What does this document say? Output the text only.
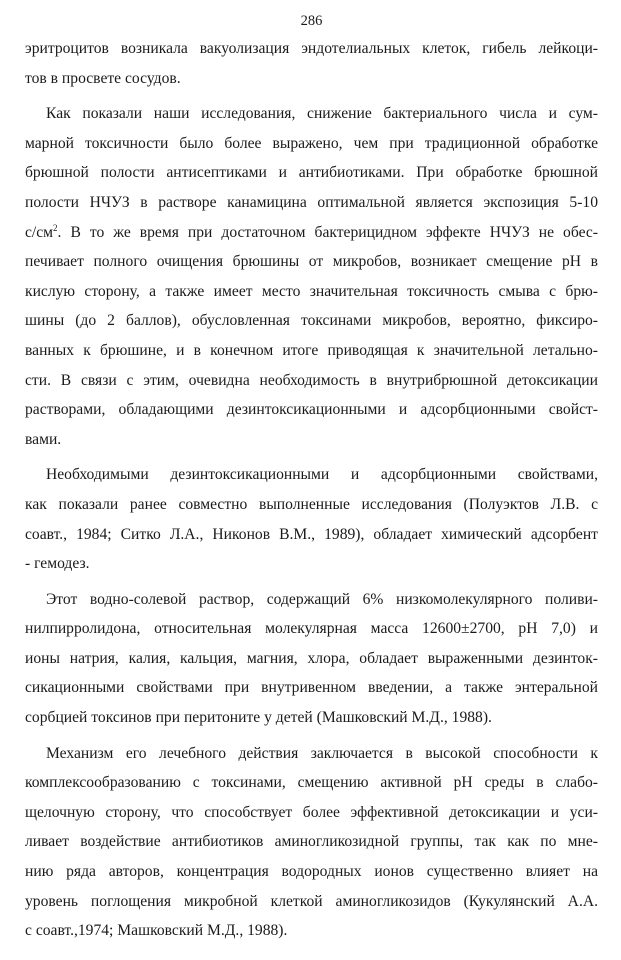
286
эритроцитов возникала вакуолизация эндотелиальных клеток, гибель лейкоци-
тов в просвете сосудов.
Как показали наши исследования, снижение бактериального числа и сум-
марной токсичности было более выражено, чем при традиционной обработке
брюшной полости антисептиками и антибиотиками. При обработке брюшной
полости НЧУЗ в растворе канамицина оптимальной является экспозиция 5-10
$с/см^2$. В то же время при достаточном бактерицидном эффекте НЧУЗ не обес-
печивает полного очищения брюшины от микробов, возникает смещение pH в
кислую сторону, а также имеет место значительная токсичность смыва с брю-
шины (до 2 баллов), обусловленная токсинами микробов, вероятно, фиксиро-
ванных к брюшине, и в конечном итоге приводящая к значительной летально-
сти. В связи с этим, очевидна необходимость в внутрибрюшной детоксикации
растворами, обладающими дезинтоксикационными и адсорбционными свойст-
вами.
Необходимыми дезинтоксикационными и адсорбционными свойствами,
как показали ранее совместно выполненные исследования (Полуэктов Л.В. с
соавт., 1984; Ситко Л.А., Никонов В.М., 1989), обладает химический адсорбент
- гемодез.
Этот водно-солевой раствор, содержащий 6% низкомолекулярного поливи-
нилпирролидона, относительная молекулярная масса 12600±2700, pH 7,0) и
ионы натрия, калия, кальция, магния, хлора, обладает выраженными дезинток-
сикационными свойствами при внутривенном введении, а также энтеральной
сорбцией токсинов при перитоните у детей (Машковский М.Д., 1988).
Механизм его лечебного действия заключается в высокой способности к
комплексообразованию с токсинами, смещению активной pH среды в слабо-
щелочную сторону, что способствует более эффективной детоксикации и уси-
ливает воздействие антибиотиков аминогликозидной группы, так как по мне-
нию ряда авторов, концентрация водородных ионов существенно влияет на
уровень поглощения микробной клеткой аминогликозидов (Кукулянский А.А.
с соавт.,1974; Машковский М.Д., 1988).
